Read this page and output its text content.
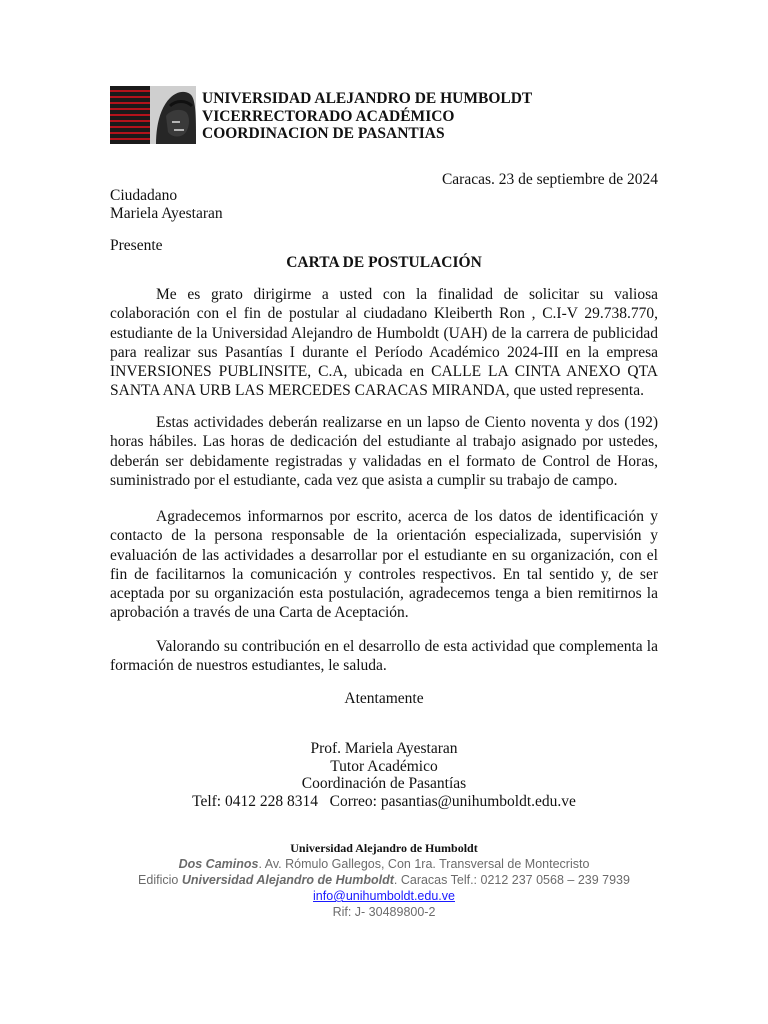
UNIVERSIDAD ALEJANDRO DE HUMBOLDT
VICERRECTORADO ACADÉMICO
COORDINACION DE PASANTIAS
Caracas. 23 de septiembre de 2024
Ciudadano
Mariela Ayestaran
Presente
CARTA DE POSTULACIÓN
Me es grato dirigirme a usted con la finalidad de solicitar su valiosa colaboración con el fin de postular al ciudadano Kleiberth Ron , C.I-V 29.738.770, estudiante de la Universidad Alejandro de Humboldt (UAH) de la carrera de publicidad para realizar sus Pasantías I durante el Período Académico 2024-III en la empresa INVERSIONES PUBLINSITE, C.A, ubicada en CALLE LA CINTA ANEXO QTA SANTA ANA URB LAS MERCEDES CARACAS MIRANDA, que usted representa.
Estas actividades deberán realizarse en un lapso de Ciento noventa y dos (192) horas hábiles. Las horas de dedicación del estudiante al trabajo asignado por ustedes, deberán ser debidamente registradas y validadas en el formato de Control de Horas, suministrado por el estudiante, cada vez que asista a cumplir su trabajo de campo.
Agradecemos informarnos por escrito, acerca de los datos de identificación y contacto de la persona responsable de la orientación especializada, supervisión y evaluación de las actividades a desarrollar por el estudiante en su organización, con el fin de facilitarnos la comunicación y controles respectivos. En tal sentido y, de ser aceptada por su organización esta postulación, agradecemos tenga a bien remitirnos la aprobación a través de una Carta de Aceptación.
Valorando su contribución en el desarrollo de esta actividad que complementa la formación de nuestros estudiantes, le saluda.
Atentamente
Prof. Mariela Ayestaran
Tutor Académico
Coordinación de Pasantías
Telf: 0412 228 8314   Correo: pasantias@unihumboldt.edu.ve
Universidad Alejandro de Humboldt
Dos Caminos. Av. Rómulo Gallegos, Con 1ra. Transversal de Montecristo
Edificio Universidad Alejandro de Humboldt. Caracas Telf.: 0212 237 0568 – 239 7939
info@unihumboldt.edu.ve
Rif: J- 30489800-2
